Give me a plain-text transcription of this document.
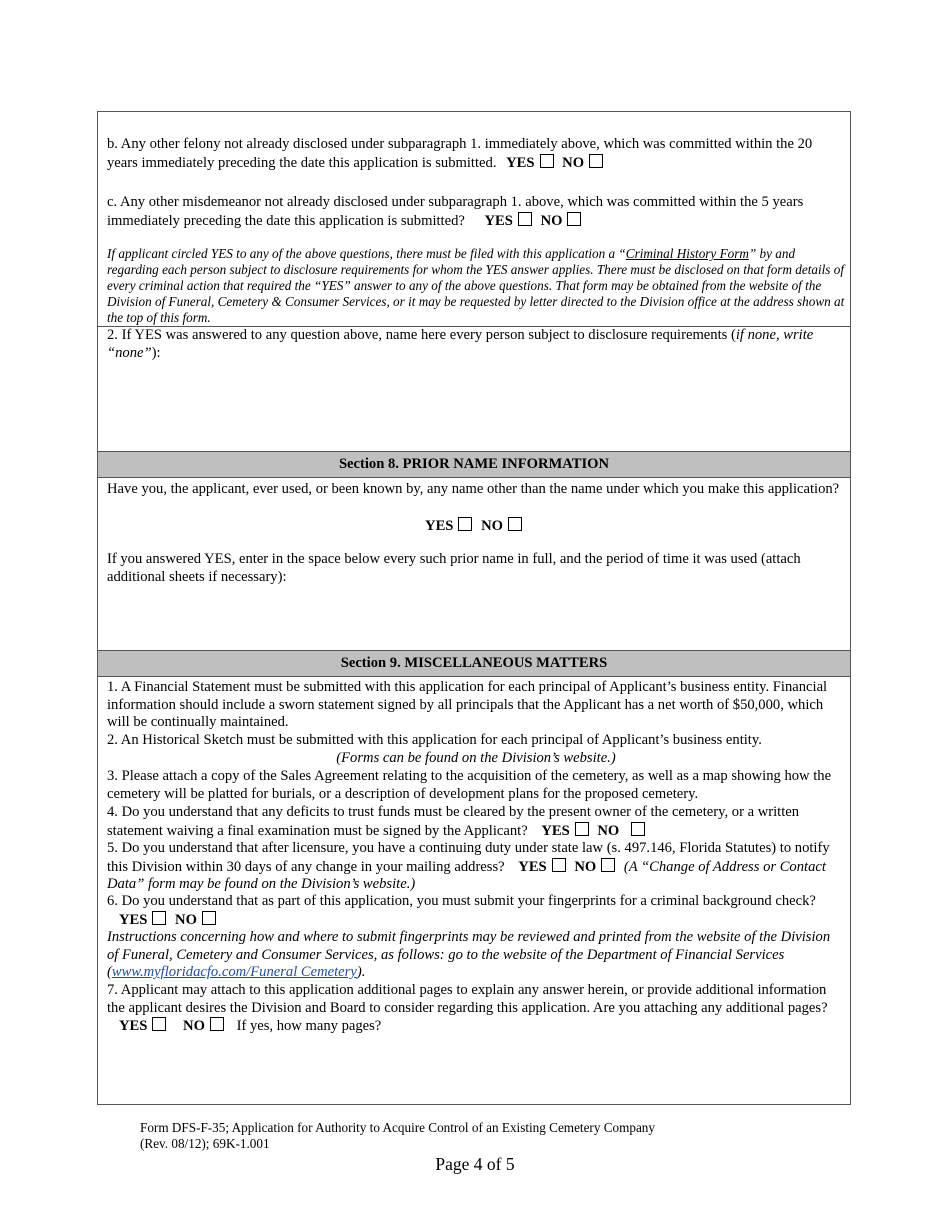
b. Any other felony not already disclosed under subparagraph 1. immediately above, which was committed within the 20 years immediately preceding the date this application is submitted. YES NO
c. Any other misdemeanor not already disclosed under subparagraph 1. above, which was committed within the 5 years immediately preceding the date this application is submitted? YES NO
If applicant circled YES to any of the above questions, there must be filed with this application a “Criminal History Form” by and regarding each person subject to disclosure requirements for whom the YES answer applies. There must be disclosed on that form details of every criminal action that required the “YES” answer to any of the above questions. That form may be obtained from the website of the Division of Funeral, Cemetery & Consumer Services, or it may be requested by letter directed to the Division office at the address shown at the top of this form.
2. If YES was answered to any question above, name here every person subject to disclosure requirements (if none, write “none”):
Section 8. PRIOR NAME INFORMATION
Have you, the applicant, ever used, or been known by, any name other than the name under which you make this application?
YES NO
If you answered YES, enter in the space below every such prior name in full, and the period of time it was used (attach additional sheets if necessary):
Section 9. MISCELLANEOUS MATTERS
1. A Financial Statement must be submitted with this application for each principal of Applicant’s business entity. Financial information should include a sworn statement signed by all principals that the Applicant has a net worth of $50,000, which will be continually maintained.
2. An Historical Sketch must be submitted with this application for each principal of Applicant’s business entity.
(Forms can be found on the Division’s website.)
3. Please attach a copy of the Sales Agreement relating to the acquisition of the cemetery, as well as a map showing how the cemetery will be platted for burials, or a description of development plans for the proposed cemetery.
4. Do you understand that any deficits to trust funds must be cleared by the present owner of the cemetery, or a written statement waiving a final examination must be signed by the Applicant? YES NO
5. Do you understand that after licensure, you have a continuing duty under state law (s. 497.146, Florida Statutes) to notify this Division within 30 days of any change in your mailing address? YES NO (A “Change of Address or Contact Data” form may be found on the Division’s website.)
6. Do you understand that as part of this application, you must submit your fingerprints for a criminal background check? YES NO
Instructions concerning how and where to submit fingerprints may be reviewed and printed from the website of the Division of Funeral, Cemetery and Consumer Services, as follows: go to the website of the Department of Financial Services (www.myfloridacfo.com/Funeral Cemetery).
7. Applicant may attach to this application additional pages to explain any answer herein, or provide additional information the applicant desires the Division and Board to consider regarding this application. Are you attaching any additional pages? YES NO If yes, how many pages?
Form DFS-F-35; Application for Authority to Acquire Control of an Existing Cemetery Company
(Rev. 08/12); 69K-1.001
Page 4 of 5
